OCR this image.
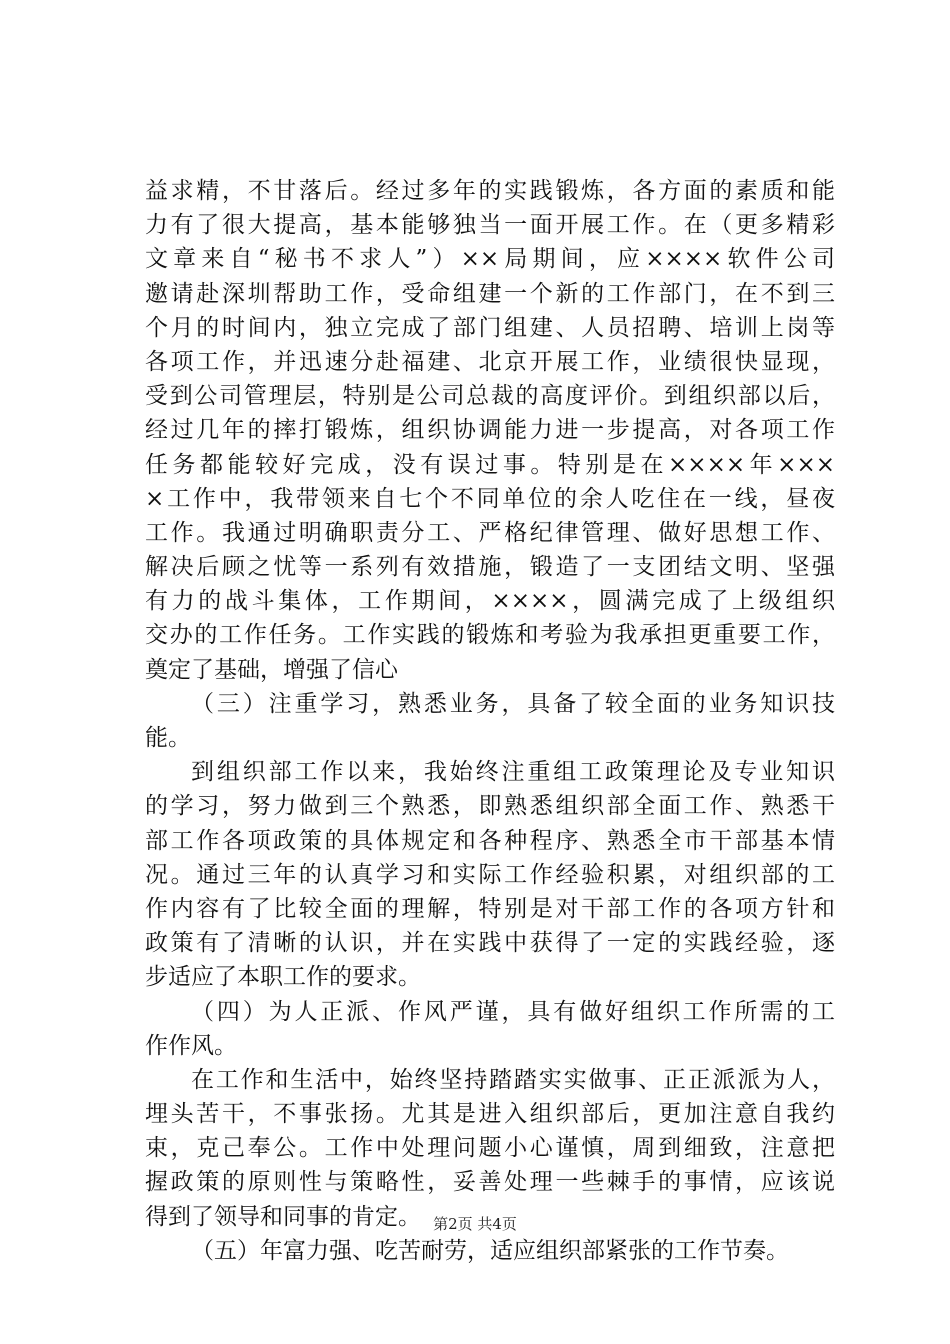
益求精，不甘落后。经过多年的实践锻炼，各方面的素质和能
力有了很大提高，基本能够独当一面开展工作。在（更多精彩
文章来自“秘书不求人”）××局期间，应××××软件公司
邀请赴深圳帮助工作，受命组建一个新的工作部门，在不到三
个月的时间内，独立完成了部门组建、人员招聘、培训上岗等
各项工作，并迅速分赴福建、北京开展工作，业绩很快显现，
受到公司管理层，特别是公司总裁的高度评价。到组织部以后，
经过几年的摔打锻炼，组织协调能力进一步提高，对各项工作
任务都能较好完成，没有误过事。特别是在××××年×××
×工作中，我带领来自七个不同单位的余人吃住在一线，昼夜
工作。我通过明确职责分工、严格纪律管理、做好思想工作、
解决后顾之忧等一系列有效措施，锻造了一支团结文明、坚强
有力的战斗集体，工作期间，××××，圆满完成了上级组织
交办的工作任务。工作实践的锻炼和考验为我承担更重要工作，
奠定了基础，增强了信心
（三）注重学习，熟悉业务，具备了较全面的业务知识技
能。
到组织部工作以来，我始终注重组工政策理论及专业知识
的学习，努力做到三个熟悉，即熟悉组织部全面工作、熟悉干
部工作各项政策的具体规定和各种程序、熟悉全市干部基本情
况。通过三年的认真学习和实际工作经验积累，对组织部的工
作内容有了比较全面的理解，特别是对干部工作的各项方针和
政策有了清晰的认识，并在实践中获得了一定的实践经验，逐
步适应了本职工作的要求。
（四）为人正派、作风严谨，具有做好组织工作所需的工
作作风。
在工作和生活中，始终坚持踏踏实实做事、正正派派为人，
埋头苦干，不事张扬。尤其是进入组织部后，更加注意自我约
束，克己奉公。工作中处理问题小心谨慎，周到细致，注意把
握政策的原则性与策略性，妥善处理一些棘手的事情，应该说
得到了领导和同事的肯定。
（五）年富力强、吃苦耐劳，适应组织部紧张的工作节奏。
第2页 共4页
